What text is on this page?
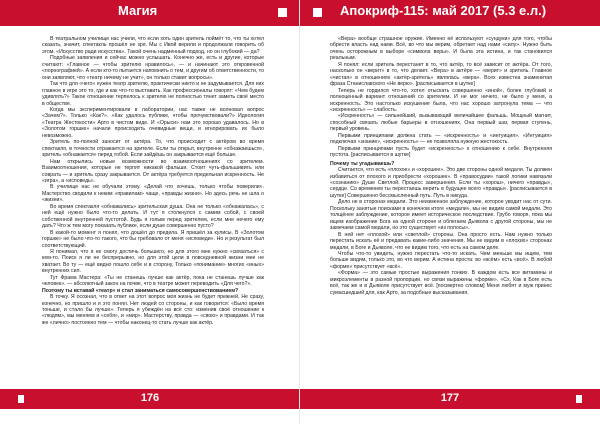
Магия

В театральном училище нас учили, что если хоть один зритель поймёт то, что ты хотел сказать, значит, спектакль прошёл не зря. Мы с Ивой верили и продолжали говорить об этом. «Искусство ради искусства». Такой очень надменный подход, но он глубокий — да?

Подобные заявления и сейчас можно услышать. Конечно же, есть и другие, которые считают: «Главное — чтобы зрителю нравилось», — и начинают это откровенной «порнографией». А если кто-то пытается напомнить о тем, и другим об ответственности, то они заявляют, что «театр ничему не учит», он только ставит вопросы».

Так что для «чего» нужен театр зрителю, практически никто и не задумывается. Для них главное в игре это то, где и как что-то выставить. Как профессионалы говорят: «Чем будем удивлять?» Такое отношение терпелось к зрителю не полностью тянет заметь своё место в обществе.

Когда мы экспериментировали в лаборатории, нас также не волновал вопрос «Зачем?». Только «Как?». «Как удалось публике, чтобы прочувствовали?» Идеология «Театра Жестокости» Арто в чистом виде. И «Орыси» нам это хорошо удавалось. Но в «Золотом горшке» начали происходить очевидные вещи, и игнорировать их было невозможно.

Зритель по-полной заносит от актёра. То, что происходит с актёром во время спектакля, в точности отражается на зрителе. Если ты открыт, внутренне «обнажаешься», зритель «обнажается» перед тобой. Если зайдёшь он закрывается ещё больше.

Нам открылись новые возможности во взаимоотношениях со зрителем. Взаимоотношения, которые не терпят никакой фальши. Стоит чуть-фальшивить или соврать — и зритель сразу закрывается. От актёра требуется предельная искренность. Не «игра», а «исповедь».

В училище нас не обучали этому. «Делай что хочешь, только чтобы поверили». Мастерство сводили к неким «правилам» чаще, «правды жизни». Но здесь речь не шла о «жизни».

Во время спектакля «обнажались» зрительская душа. Она не только «обнажалась», с ней ещё нужно было что-то делать. И тут я столкнулся с самим собой, с своей собственной внутренней пустотой. Будь я голым перед зрителем, если мне нечего ему дать? Что ж тем могу показать публике, если душе совершенно пусто?

В какой-то момент я понял, что дошёл до предела. Я пришёл за кулисы. В «Золотом горшке» не было что-то такого, что бы требовало от меня «исповеди». Но и результат был соответствующий.

Я понимал, что я не смогу достичь большего, но для этого мне нужно «связаться» с кем-то. Поиск я ли не беспрерывно, но для этой цели в повседневной жизни мне не хватает. Во ту — ещё видно пошло себе и в сторону, Только «понимание» многих «иных» внутренних сил.

Тут Фрама Мастера: «Ты не станешь лучше как актёр, пока не станешь лучше как человек». — абсолютный закон на почве, что в театре может переводить «Для чего?».

Поэтому ты вставай «театр» и стал заниматься самосовершенствованием?

В точку. Я осознал, что в ответ на этот вопрос моя жизнь не будет прежней. Не сразу, конечно, но пришло и я это понял. Нет людей со стороны, и как говорится: «Было время тоньше, и стало бы лучше». Теперь я убеждён на всё сто: изменив своё отношение к «людям», мы меняем и «себя», и «мир». Мастерству, правда — «свою» и правдами. И так же «лично» постоянно тем — чтобы наконец-то стать лучше как актёр.

176
Апокриф-115: май 2017 (5.3 е.л.)

«Вера» вообще страшное оружие. Именно её используют «сундуки» для того, чтобы обрести власть над нами. Всё, во что мы верим, обретает над нами «силу». Нужно быть очень осторожным в выборе «символа веры». И была эта истина, и так становился реальным.

Я понял: если зритель перестанет в то, что актёр, то всё зависит от актёра. От того, насколько он «верит» в то, что делает. «Вера» в актёре — «верит» и зритель. Главное «чистая» в отношениях «актёр-зритель» являлась «вера». Всех известна знаменитая фраза Станиславского «Не верю». [расписывается в шутке]

Теперь не гордился что-то, хотел отыскать совершенно «иной», более глубокий и полноценный вариант отношений со зрителем. И не мог ничего, не было у меня, а искренность. Это настолько искушение была, что нас хорошо затронула тема — что «искренность» — слабость.

«Искренность» — сильнейший, вызывающий величайшее фальшь. Мощный магнит, способный связать любые барьеры в отношениях. Она первый шаг, первая ступень, первый уровень.

Первыми принципами должна стать — «искренность» и «интуиция». «Интуиция» подключая «знание», «искренность» — не позволяла нужную жестокость.

Первыми принципами пусть будет «искренность» к отношению к себе. Внутренняя пустота. [расписывается в шутке]

Почему ты угадываешь?

Считается, что есть «плохое» и «хорошее». Это две стороны одной медали. Ты должен избавиться от плохого и приобрести «хорошее». В «правосудии» такой логики навязали «сознанию» Душе Светлой. Процесс завершения. Если ты «хорош», ничего «правды», сердце. Со временем ты перестаешь верить в будущее всего «правды». [расписывается в шутке] Совершенно бессмысленный путь. Путь в никуда.

Дело не в сторонах медали. Это неизменное заблуждение, которое уводит нас от сути. Поскольку занятые поисками в конечном итоге «медали», мы не видим самой медали. Это толщёнее заблуждение, которое имеет историческое последствие. Грубо говоря, пока мы ищем изображение Бога на одной стороне и облегаем Дьявола с другой стороны, мы не замечаем самой медали, но это существует «из полосы».

В ней нет «плохой» или «светлой» стороны. Она просто есть. Нам нужно только перестать искать её и предавать какие-либо значения. Мы не видим в «плохих» сторонах медали, в Боге и Дьяволе, что не видим того, что есть на самом деле.

Чтобы что-то увидеть, нужно перестать что-то искать. Чем меньше мы ищем, тем больше видим, только это, во что верим. А истина проста: во «всём» есть «всё». В любой «форме» присутствует «всё».

«Форма» — это самые простые выражения тонких. В каждом есть все витамины и микроэлементы в разной пропорции, но связи выражены «форме». «Сх. Как в Боге есть всё, так же и в Дьяволе присутствует всё. [посмертно словом] Меня любят и муж принес сумасшедший для, как Арто, за подобные высказывания.

177
